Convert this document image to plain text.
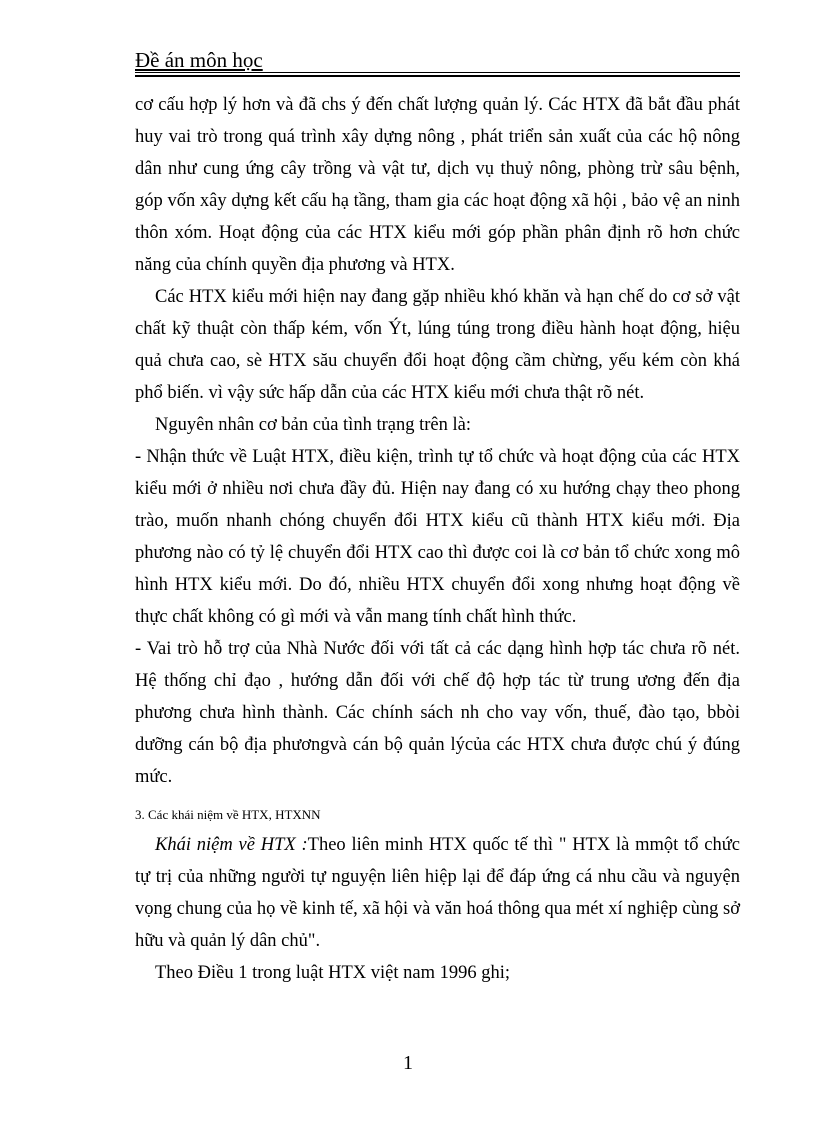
Đề án môn học

cơ cấu hợp lý hơn và đã chs ý đến chất lượng quản lý. Các HTX đã bắt đầu phát huy vai trò trong quá trình xây dựng nông , phát triển sản xuất của các hộ nông dân như cung ứng cây trồng và vật tư, dịch vụ thuỷ nông, phòng trừ sâu bệnh, góp vốn xây dựng kết cấu hạ tầng, tham gia các hoạt động xã hội , bảo vệ an ninh thôn xóm. Hoạt động của các HTX kiểu mới góp phần phân định rõ hơn chức năng của chính quyền địa phương và HTX.

Các HTX kiểu mới hiện nay đang gặp nhiều khó khăn và hạn chế do cơ sở vật chất kỹ thuật còn thấp kém, vốn Ýt, lúng túng trong điều hành hoạt động, hiệu quả chưa cao, sè HTX său chuyển đổi hoạt động cầm chừng, yếu kém còn khá phổ biến. vì vậy sức hấp dẫn của các HTX kiểu mới chưa thật rõ nét.

Nguyên nhân cơ bản của tình trạng trên là:

- Nhận thức về Luật HTX, điều kiện, trình tự tổ chức và hoạt động của các HTX kiểu mới ở nhiều nơi chưa đầy đủ. Hiện nay đang có xu hướng chạy theo phong trào, muốn nhanh chóng chuyển đổi HTX kiểu cũ thành HTX kiểu mới. Địa phương nào có tỷ lệ chuyển đổi HTX cao thì được coi là cơ bản tổ chức xong mô hình HTX kiểu mới. Do đó, nhiều HTX chuyển đổi xong nhưng hoạt động về thực chất không có gì mới và vẫn mang tính chất hình thức.

- Vai trò hỗ trợ của Nhà Nước đối với tất cả các dạng hình hợp tác chưa rõ nét. Hệ thống chỉ đạo , hướng dẫn đối với chế độ hợp tác từ trung ương đến địa phương chưa hình thành. Các chính sách nh cho vay vốn, thuế, đào tạo, bbòi dưỡng cán bộ địa phươngvà cán bộ quản lýcủa các HTX chưa được chú ý đúng mức.

3. Các khái niệm về HTX, HTXNN

Khái niệm về HTX :Theo liên minh HTX quốc tế thì " HTX là mmột tổ chức tự trị của những người tự nguyện liên hiệp lại để đáp ứng cá nhu cầu và nguyện vọng chung của họ về kinh tế, xã hội và văn hoá thông qua mét xí nghiệp cùng sở hữu và quản lý dân chủ".

Theo Điều 1 trong luật HTX việt nam 1996 ghi;

1
